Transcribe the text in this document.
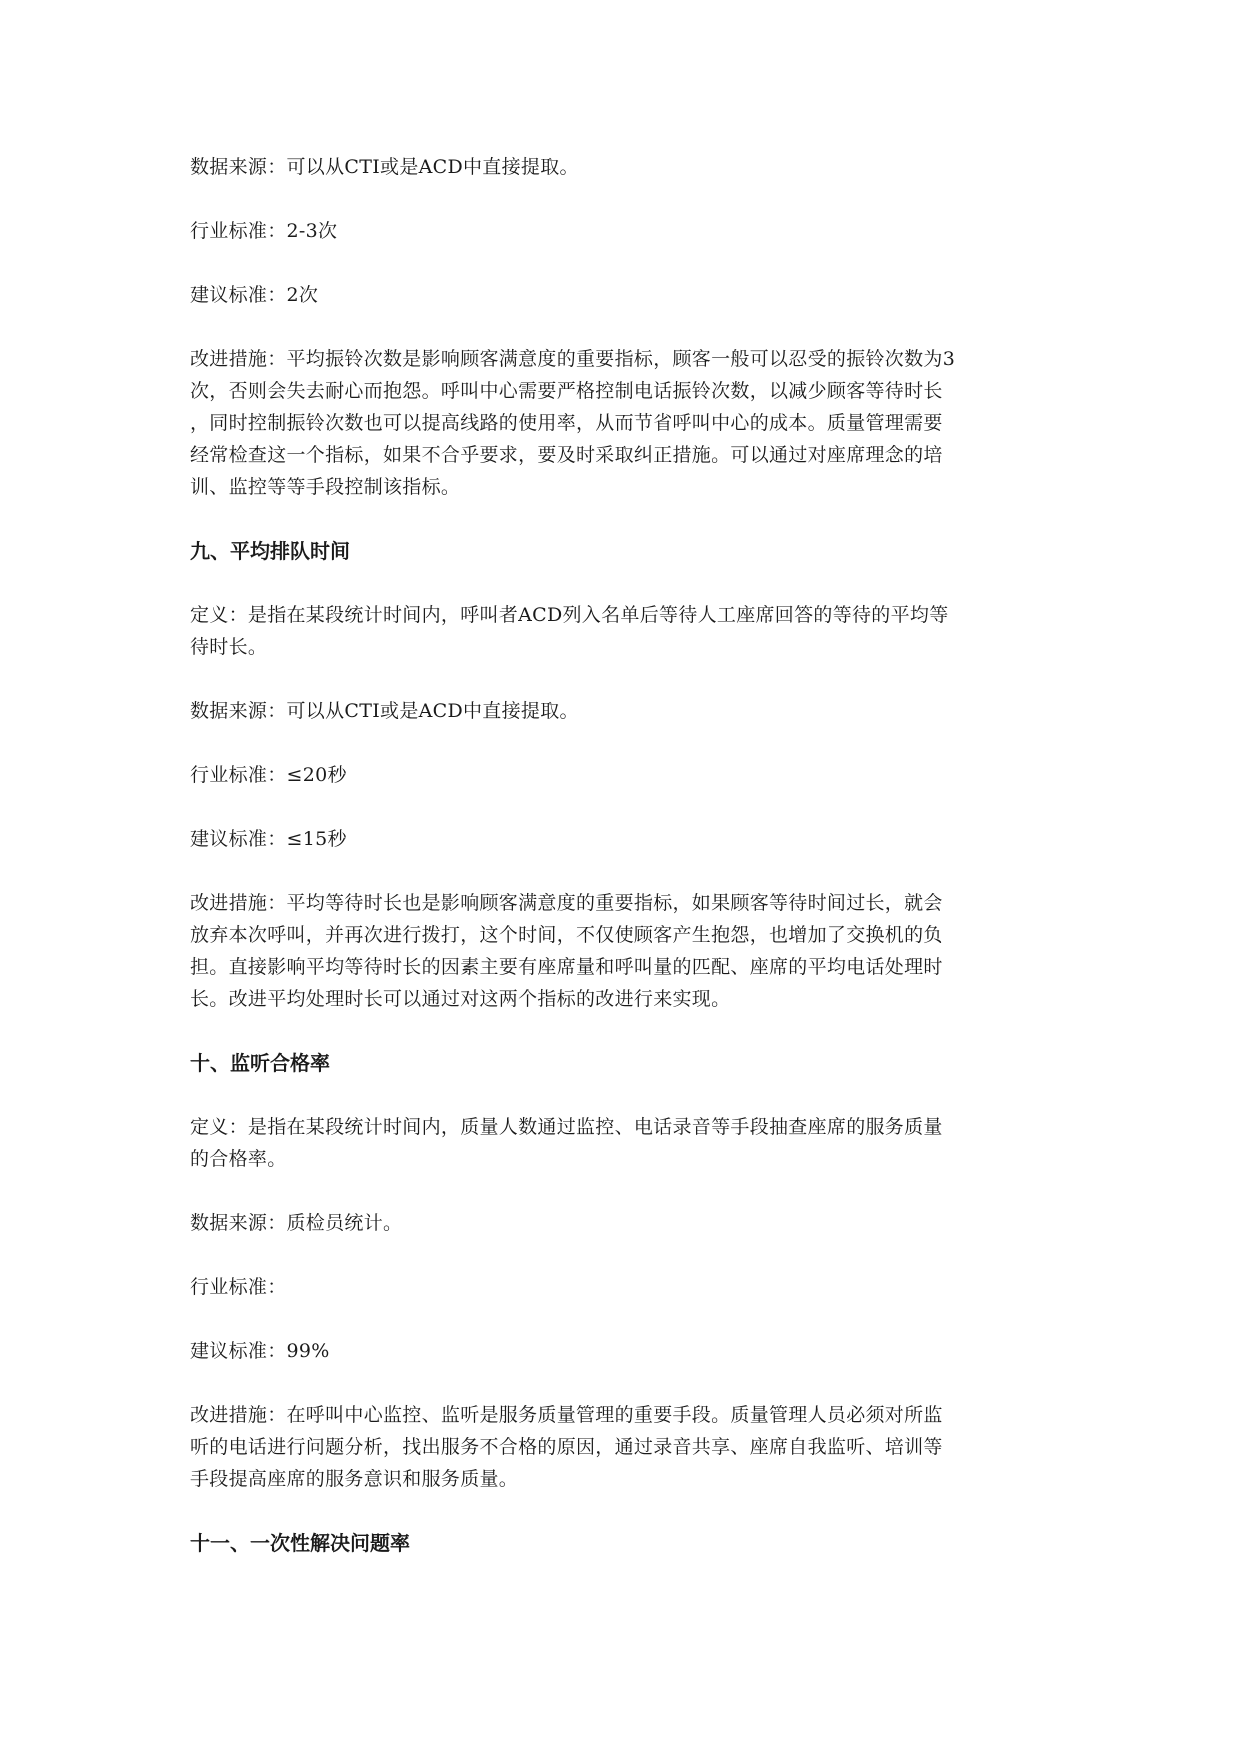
数据来源：可以从CTI或是ACD中直接提取。

行业标准：2-3次

建议标准：2次

改进措施：平均振铃次数是影响顾客满意度的重要指标，顾客一般可以忍受的振铃次数为3
次，否则会失去耐心而抱怨。呼叫中心需要严格控制电话振铃次数，以减少顾客等待时长
，同时控制振铃次数也可以提高线路的使用率，从而节省呼叫中心的成本。质量管理需要
经常检查这一个指标，如果不合乎要求，要及时采取纠正措施。可以通过对座席理念的培
训、监控等等手段控制该指标。

九、平均排队时间

定义：是指在某段统计时间内，呼叫者ACD列入名单后等待人工座席回答的等待的平均等
待时长。

数据来源：可以从CTI或是ACD中直接提取。

行业标准：≤20秒

建议标准：≤15秒

改进措施：平均等待时长也是影响顾客满意度的重要指标，如果顾客等待时间过长，就会
放弃本次呼叫，并再次进行拨打，这个时间，不仅使顾客产生抱怨，也增加了交换机的负
担。直接影响平均等待时长的因素主要有座席量和呼叫量的匹配、座席的平均电话处理时
长。改进平均处理时长可以通过对这两个指标的改进行来实现。

十、监听合格率

定义：是指在某段统计时间内，质量人数通过监控、电话录音等手段抽查座席的服务质量
的合格率。

数据来源：质检员统计。

行业标准：

建议标准：99%

改进措施：在呼叫中心监控、监听是服务质量管理的重要手段。质量管理人员必须对所监
听的电话进行问题分析，找出服务不合格的原因，通过录音共享、座席自我监听、培训等
手段提高座席的服务意识和服务质量。

十一、一次性解决问题率
